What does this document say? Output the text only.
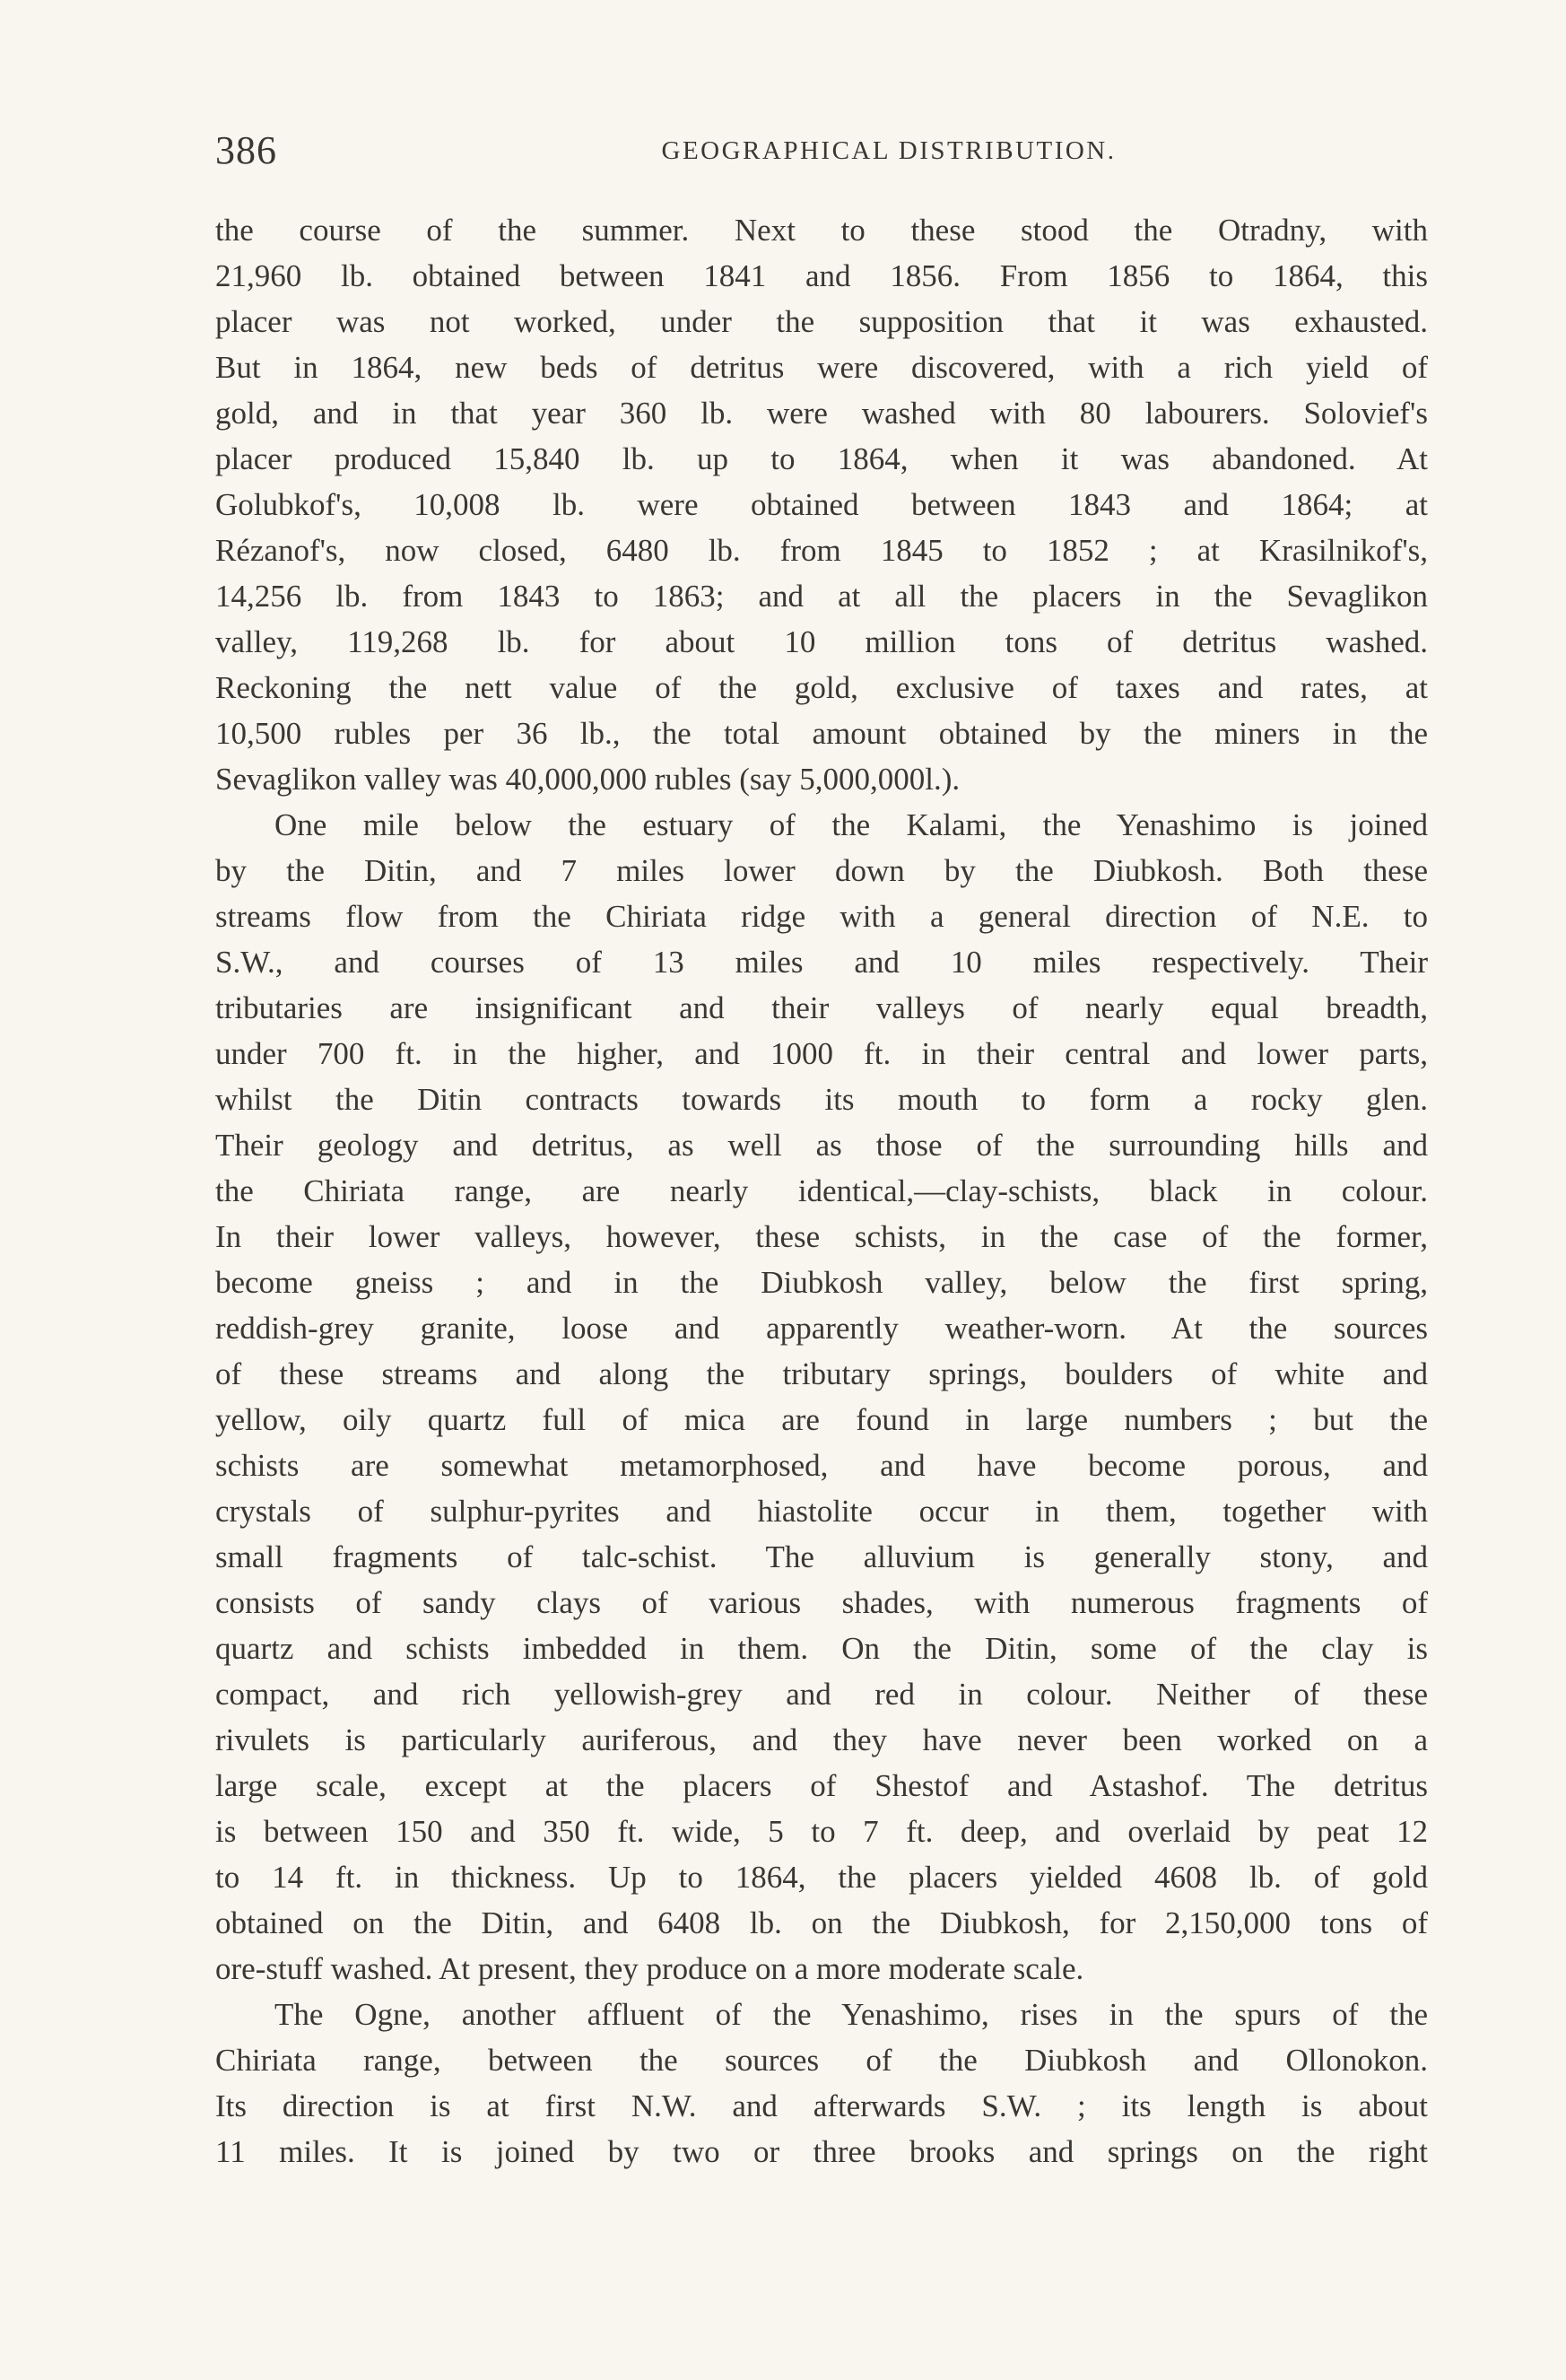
386	GEOGRAPHICAL DISTRIBUTION.
the course of the summer. Next to these stood the Otradny, with
21,960 lb. obtained between 1841 and 1856. From 1856 to 1864, this
placer was not worked, under the supposition that it was exhausted.
But in 1864, new beds of detritus were discovered, with a rich yield of
gold, and in that year 360 lb. were washed with 80 labourers. Solovief's
placer produced 15,840 lb. up to 1864, when it was abandoned. At
Golubkof's, 10,008 lb. were obtained between 1843 and 1864; at
Rézanof's, now closed, 6480 lb. from 1845 to 1852 ; at Krasilnikof's,
14,256 lb. from 1843 to 1863; and at all the placers in the Sevaglikon
valley, 119,268 lb. for about 10 million tons of detritus washed.
Reckoning the nett value of the gold, exclusive of taxes and rates, at
10,500 rubles per 36 lb., the total amount obtained by the miners in the
Sevaglikon valley was 40,000,000 rubles (say 5,000,000l.).
One mile below the estuary of the Kalami, the Yenashimo is joined
by the Ditin, and 7 miles lower down by the Diubkosh. Both these
streams flow from the Chiriata ridge with a general direction of N.E. to
S.W., and courses of 13 miles and 10 miles respectively. Their
tributaries are insignificant and their valleys of nearly equal breadth,
under 700 ft. in the higher, and 1000 ft. in their central and lower parts,
whilst the Ditin contracts towards its mouth to form a rocky glen.
Their geology and detritus, as well as those of the surrounding hills and
the Chiriata range, are nearly identical,—clay-schists, black in colour.
In their lower valleys, however, these schists, in the case of the former,
become gneiss ; and in the Diubkosh valley, below the first spring,
reddish-grey granite, loose and apparently weather-worn. At the sources
of these streams and along the tributary springs, boulders of white and
yellow, oily quartz full of mica are found in large numbers ; but the
schists are somewhat metamorphosed, and have become porous, and
crystals of sulphur-pyrites and hiastolite occur in them, together with
small fragments of talc-schist. The alluvium is generally stony, and
consists of sandy clays of various shades, with numerous fragments of
quartz and schists imbedded in them. On the Ditin, some of the clay is
compact, and rich yellowish-grey and red in colour. Neither of these
rivulets is particularly auriferous, and they have never been worked on a
large scale, except at the placers of Shestof and Astashof. The detritus
is between 150 and 350 ft. wide, 5 to 7 ft. deep, and overlaid by peat 12
to 14 ft. in thickness. Up to 1864, the placers yielded 4608 lb. of gold
obtained on the Ditin, and 6408 lb. on the Diubkosh, for 2,150,000 tons of
ore-stuff washed. At present, they produce on a more moderate scale.
The Ogne, another affluent of the Yenashimo, rises in the spurs of the
Chiriata range, between the sources of the Diubkosh and Ollonokon.
Its direction is at first N.W. and afterwards S.W. ; its length is about
11 miles. It is joined by two or three brooks and springs on the right
